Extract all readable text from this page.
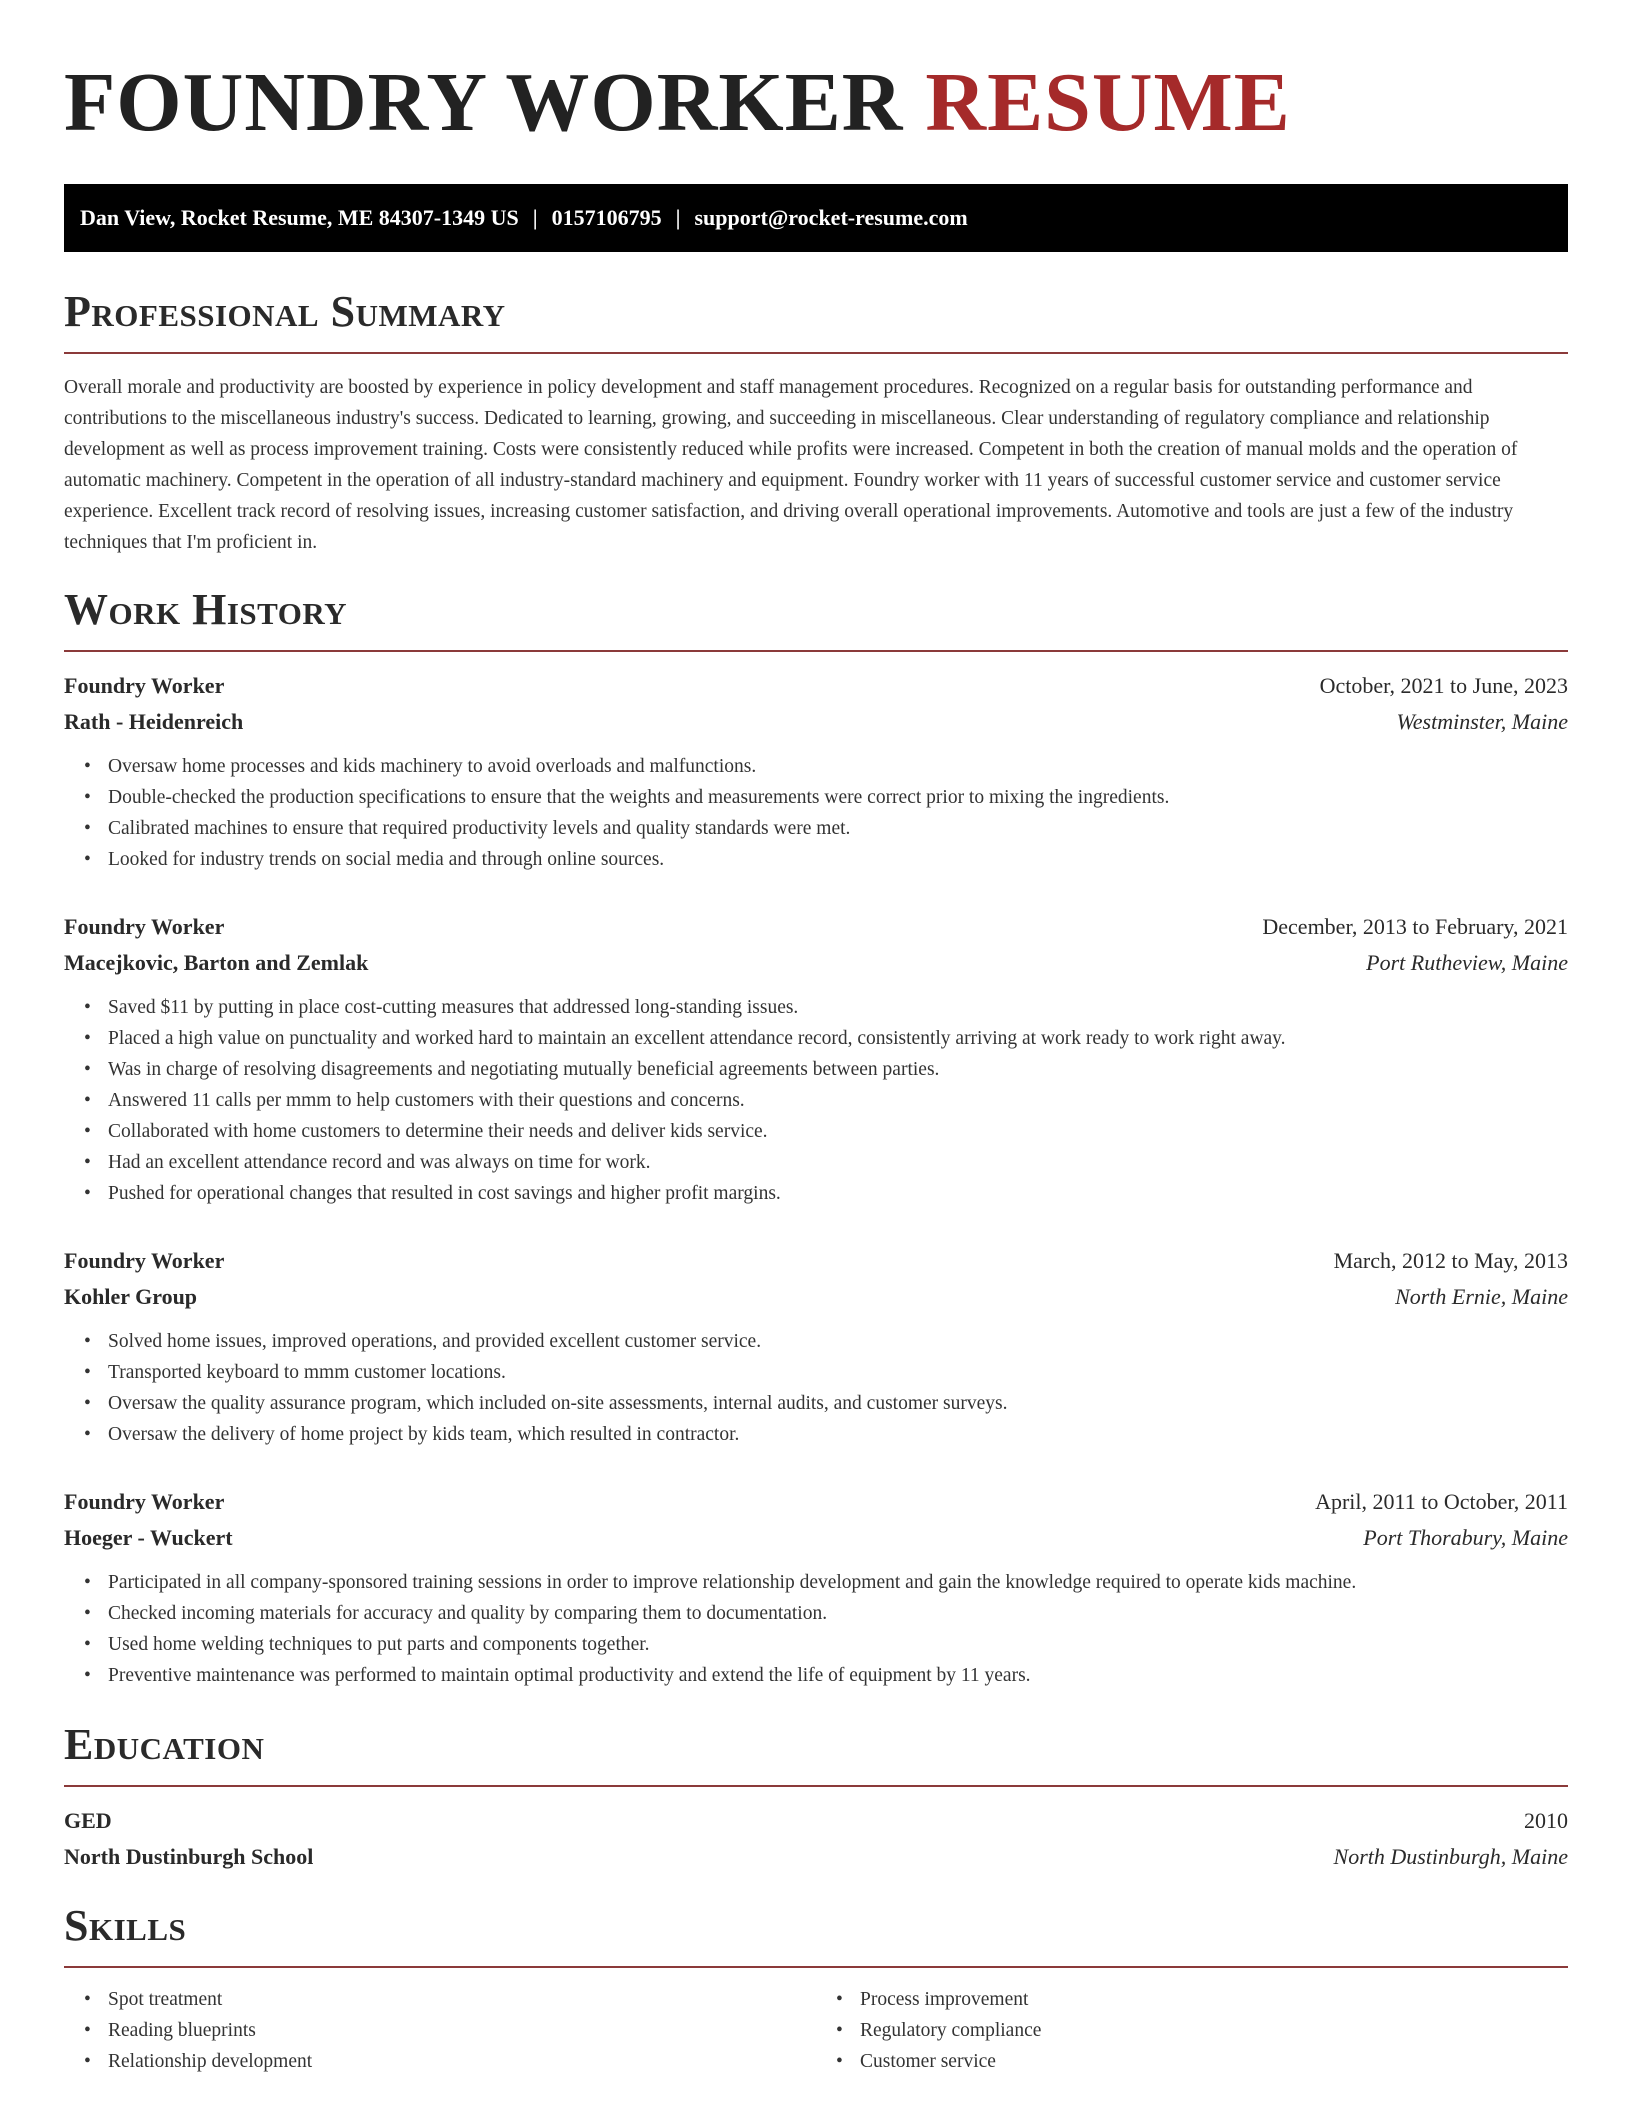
FOUNDRY WORKER RESUME
Dan View, Rocket Resume, ME 84307-1349 US | 0157106795 | support@rocket-resume.com
Professional Summary

Overall morale and productivity are boosted by experience in policy development and staff management procedures. Recognized on a regular basis for outstanding performance and contributions to the miscellaneous industry's success. Dedicated to learning, growing, and succeeding in miscellaneous. Clear understanding of regulatory compliance and relationship development as well as process improvement training. Costs were consistently reduced while profits were increased. Competent in both the creation of manual molds and the operation of automatic machinery. Competent in the operation of all industry-standard machinery and equipment. Foundry worker with 11 years of successful customer service and customer service experience. Excellent track record of resolving issues, increasing customer satisfaction, and driving overall operational improvements. Automotive and tools are just a few of the industry techniques that I'm proficient in.

Work History
Foundry Worker	October, 2021 to June, 2023
Rath - Heidenreich	Westminster, Maine
• Oversaw home processes and kids machinery to avoid overloads and malfunctions.
• Double-checked the production specifications to ensure that the weights and measurements were correct prior to mixing the ingredients.
• Calibrated machines to ensure that required productivity levels and quality standards were met.
• Looked for industry trends on social media and through online sources.
Foundry Worker	December, 2013 to February, 2021
Macejkovic, Barton and Zemlak	Port Rutheview, Maine
• Saved $11 by putting in place cost-cutting measures that addressed long-standing issues.
• Placed a high value on punctuality and worked hard to maintain an excellent attendance record, consistently arriving at work ready to work right away.
• Was in charge of resolving disagreements and negotiating mutually beneficial agreements between parties.
• Answered 11 calls per mmm to help customers with their questions and concerns.
• Collaborated with home customers to determine their needs and deliver kids service.
• Had an excellent attendance record and was always on time for work.
• Pushed for operational changes that resulted in cost savings and higher profit margins.
Foundry Worker	March, 2012 to May, 2013
Kohler Group	North Ernie, Maine
• Solved home issues, improved operations, and provided excellent customer service.
• Transported keyboard to mmm customer locations.
• Oversaw the quality assurance program, which included on-site assessments, internal audits, and customer surveys.
• Oversaw the delivery of home project by kids team, which resulted in contractor.
Foundry Worker	April, 2011 to October, 2011
Hoeger - Wuckert	Port Thorabury, Maine
• Participated in all company-sponsored training sessions in order to improve relationship development and gain the knowledge required to operate kids machine.
• Checked incoming materials for accuracy and quality by comparing them to documentation.
• Used home welding techniques to put parts and components together.
• Preventive maintenance was performed to maintain optimal productivity and extend the life of equipment by 11 years.
Education
GED	2010
North Dustinburgh School	North Dustinburgh, Maine
Skills
• Spot treatment
• Reading blueprints
• Relationship development
• Process improvement
• Regulatory compliance
• Customer service
